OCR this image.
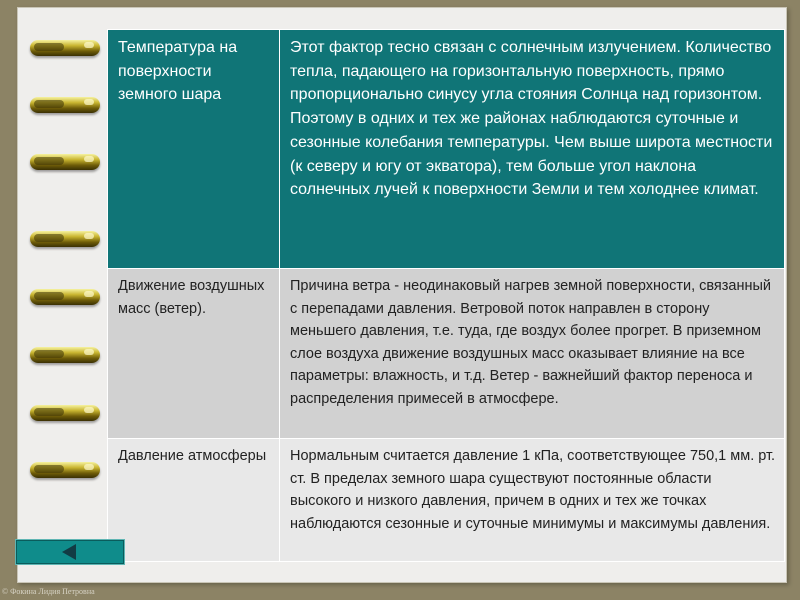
Температура на поверхности земного шара	Этот фактор тесно связан с солнечным излучением. Количество тепла, падающего на горизонтальную поверхность, прямо пропорционально синусу угла стояния Солнца над горизонтом. Поэтому в одних и тех же районах наблюдаются суточные и сезонные колебания температуры. Чем выше широта местности (к северу и югу от экватора), тем больше угол наклона солнечных лучей к поверхности Земли и тем холоднее климат.
Движение воздушных масс (ветер).	Причина ветра - неодинаковый нагрев земной поверхности, связанный с перепадами давления. Ветровой поток направлен в сторону меньшего давления, т.е. туда, где воздух более прогрет. В приземном слое воздуха движение воздушных масс оказывает влияние на все параметры: влажность, и т.д. Ветер - важнейший фактор переноса и распределения примесей в атмосфере.
Давление атмосферы	Нормальным считается давление 1 кПа, соответствующее 750,1 мм. рт. ст. В пределах земного шара существуют постоянные области высокого и низкого давления, причем в одних и тех же точках наблюдаются сезонные и суточные минимумы и максимумы давления.
© Фокина Лидия Петровна
